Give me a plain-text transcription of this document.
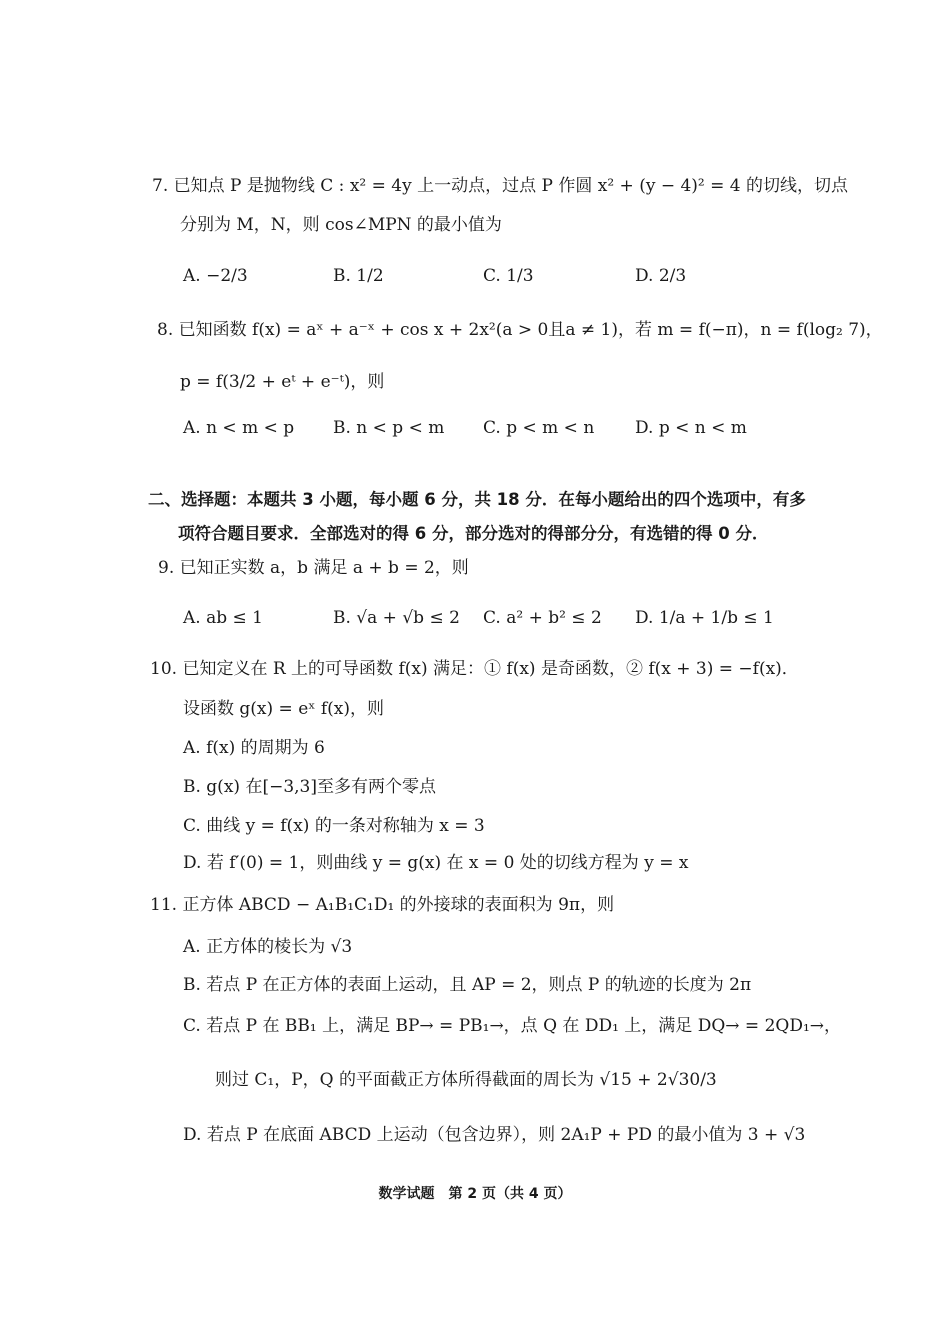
7. 已知点 P 是抛物线 C : x² = 4y 上一动点，过点 P 作圆 x² + (y − 4)² = 4 的切线，切点
分别为 M，N，则 cos∠MPN 的最小值为
A. −2/3	B. 1/2	C. 1/3	D. 2/3
8. 已知函数 f(x) = aˣ + a⁻ˣ + cos x + 2x²(a > 0且a ≠ 1)，若 m = f(−π)，n = f(log₂ 7)，
p = f(3/2 + eᵗ + e⁻ᵗ)，则
A. n < m < p B. n < p < m C. p < m < n D. p < n < m
二、选择题：本题共 3 小题，每小题 6 分，共 18 分．在每小题给出的四个选项中，有多
项符合题目要求．全部选对的得 6 分，部分选对的得部分分，有选错的得 0 分．
9. 已知正实数 a，b 满足 a + b = 2，则
A. ab ≤ 1	B. √a + √b ≤ 2 C. a² + b² ≤ 2 D. 1/a + 1/b ≤ 1
10. 已知定义在 R 上的可导函数 f(x) 满足：① f(x) 是奇函数，② f(x + 3) = −f(x)．
设函数 g(x) = eˣ f(x)，则
A. f(x) 的周期为 6
B. g(x) 在[−3,3]至多有两个零点
C. 曲线 y = f(x) 的一条对称轴为 x = 3
D. 若 f′(0) = 1，则曲线 y = g(x) 在 x = 0 处的切线方程为 y = x
11. 正方体 ABCD − A₁B₁C₁D₁ 的外接球的表面积为 9π，则
A. 正方体的棱长为 √3
B. 若点 P 在正方体的表面上运动，且 AP = 2，则点 P 的轨迹的长度为 2π
C. 若点 P 在 BB₁ 上，满足 BP→ = PB₁→，点 Q 在 DD₁ 上，满足 DQ→ = 2QD₁→，
则过 C₁，P，Q 的平面截正方体所得截面的周长为 √15 + 2√30/3
D. 若点 P 在底面 ABCD 上运动（包含边界），则 2A₁P + PD 的最小值为 3 + √3
数学试题　第 2 页（共 4 页）
